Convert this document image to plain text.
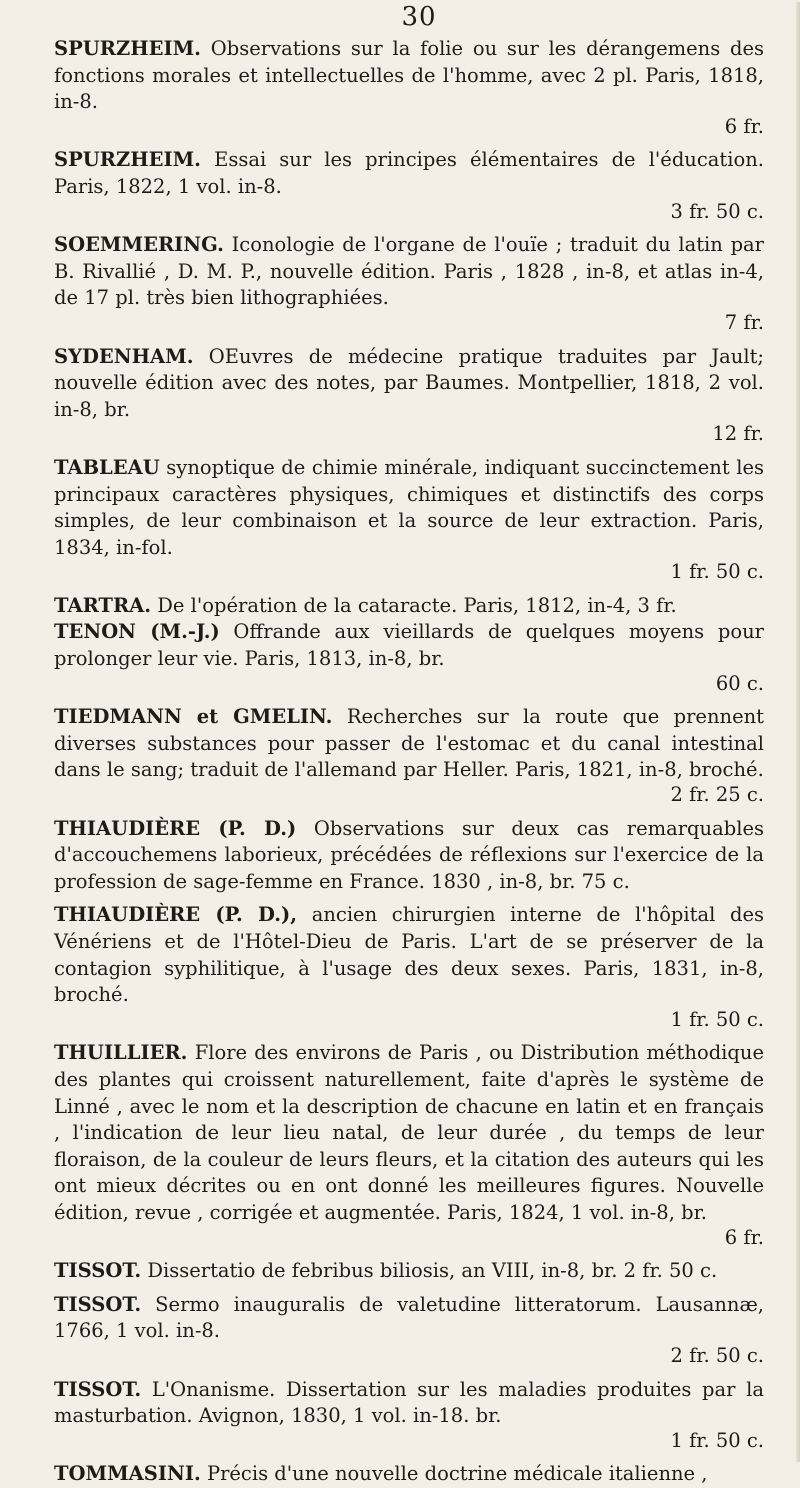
30

SPURZHEIM. Observations sur la folie ou sur les dérangemens des fonctions morales et intellectuelles de l'homme, avec 2 pl. Paris, 1818, in-8.
6 fr.

SPURZHEIM. Essai sur les principes élémentaires de l'éducation. Paris, 1822, 1 vol. in-8.
3 fr. 50 c.

SOEMMERING. Iconologie de l'organe de l'ouïe ; traduit du latin par B. Rivallié , D. M. P., nouvelle édition. Paris , 1828 , in-8, et atlas in-4, de 17 pl. très bien lithographiées.
7 fr.

SYDENHAM. OEuvres de médecine pratique traduites par Jault; nouvelle édition avec des notes, par Baumes. Montpellier, 1818, 2 vol. in-8, br.
12 fr.

TABLEAU synoptique de chimie minérale, indiquant succinctement les principaux caractères physiques, chimiques et distinctifs des corps simples, de leur combinaison et la source de leur extraction. Paris, 1834, in-fol.
1 fr. 50 c.

TARTRA. De l'opération de la cataracte. Paris, 1812, in-4, 3 fr.

TENON (M.-J.) Offrande aux vieillards de quelques moyens pour prolonger leur vie. Paris, 1813, in-8, br.
60 c.

TIEDMANN et GMELIN. Recherches sur la route que prennent diverses substances pour passer de l'estomac et du canal intestinal dans le sang; traduit de l'allemand par Heller. Paris, 1821, in-8, broché.
2 fr. 25 c.

THIAUDIÈRE (P. D.) Observations sur deux cas remarquables d'accouchemens laborieux, précédées de réflexions sur l'exercice de la profession de sage-femme en France. 1830 , in-8, br. 75 c.

THIAUDIÈRE (P. D.), ancien chirurgien interne de l'hôpital des Vénériens et de l'Hôtel-Dieu de Paris. L'art de se préserver de la contagion syphilitique, à l'usage des deux sexes. Paris, 1831, in-8, broché.
1 fr. 50 c.

THUILLIER. Flore des environs de Paris , ou Distribution méthodique des plantes qui croissent naturellement, faite d'après le système de Linné , avec le nom et la description de chacune en latin et en français , l'indication de leur lieu natal, de leur durée , du temps de leur floraison, de la couleur de leurs fleurs, et la citation des auteurs qui les ont mieux décrites ou en ont donné les meilleures figures. Nouvelle édition, revue , corrigée et augmentée. Paris, 1824, 1 vol. in-8, br.
6 fr.

TISSOT. Dissertatio de febribus biliosis, an VIII, in-8, br. 2 fr. 50 c.

TISSOT. Sermo inauguralis de valetudine litteratorum. Lausannæ, 1766, 1 vol. in-8.
2 fr. 50 c.

TISSOT. L'Onanisme. Dissertation sur les maladies produites par la masturbation. Avignon, 1830, 1 vol. in-18. br.
1 fr. 50 c.

TOMMASINI. Précis d'une nouvelle doctrine médicale italienne ,
